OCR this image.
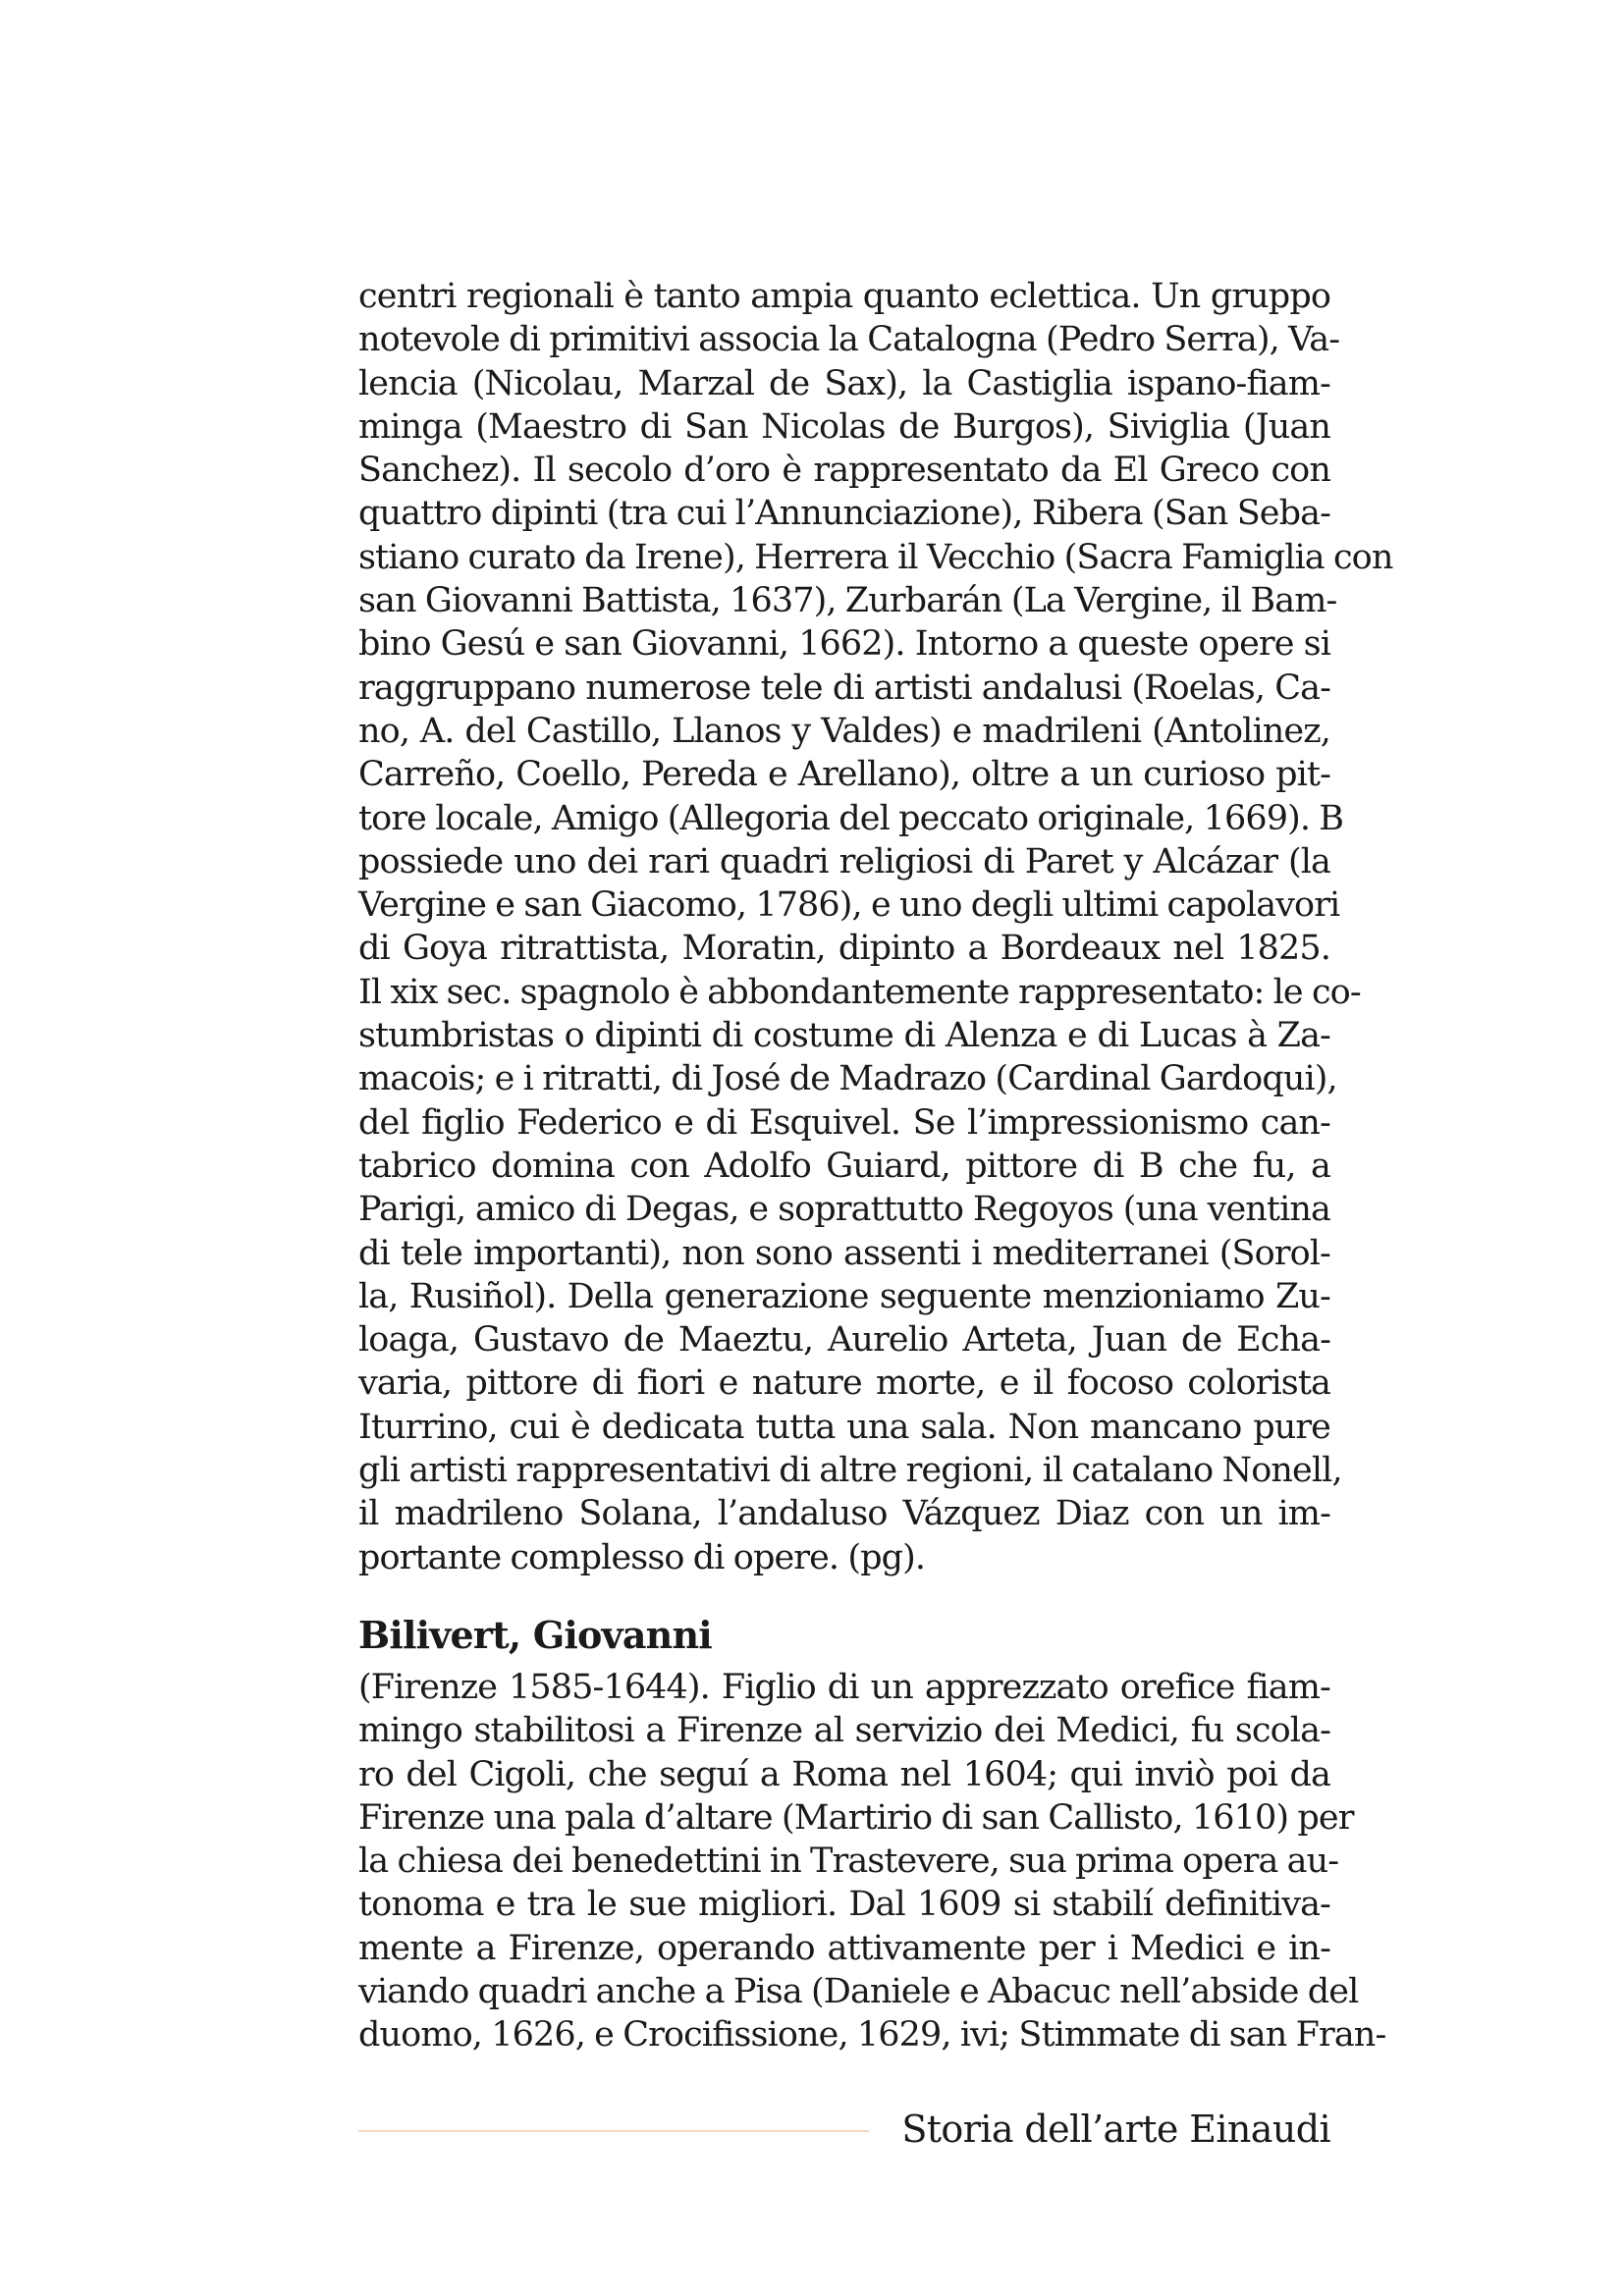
centri regionali è tanto ampia quanto eclettica. Un gruppo
notevole di primitivi associa la Catalogna (Pedro Serra), Va-
lencia (Nicolau, Marzal de Sax), la Castiglia ispano-fiam-
minga (Maestro di San Nicolas de Burgos), Siviglia (Juan
Sanchez). Il secolo d’oro è rappresentato da El Greco con
quattro dipinti (tra cui l’Annunciazione), Ribera (San Seba-
stiano curato da Irene), Herrera il Vecchio (Sacra Famiglia con
san Giovanni Battista, 1637), Zurbarán (La Vergine, il Bam-
bino Gesú e san Giovanni, 1662). Intorno a queste opere si
raggruppano numerose tele di artisti andalusi (Roelas, Ca-
no, A. del Castillo, Llanos y Valdes) e madrileni (Antolinez,
Carreño, Coello, Pereda e Arellano), oltre a un curioso pit-
tore locale, Amigo (Allegoria del peccato originale, 1669). B
possiede uno dei rari quadri religiosi di Paret y Alcázar (la
Vergine e san Giacomo, 1786), e uno degli ultimi capolavori
di Goya ritrattista, Moratin, dipinto a Bordeaux nel 1825.
Il xix sec. spagnolo è abbondantemente rappresentato: le co-
stumbristas o dipinti di costume di Alenza e di Lucas à Za-
macois; e i ritratti, di José de Madrazo (Cardinal Gardoqui),
del figlio Federico e di Esquivel. Se l’impressionismo can-
tabrico domina con Adolfo Guiard, pittore di B che fu, a
Parigi, amico di Degas, e soprattutto Regoyos (una ventina
di tele importanti), non sono assenti i mediterranei (Sorol-
la, Rusiñol). Della generazione seguente menzioniamo Zu-
loaga, Gustavo de Maeztu, Aurelio Arteta, Juan de Echa-
varia, pittore di fiori e nature morte, e il focoso colorista
Iturrino, cui è dedicata tutta una sala. Non mancano pure
gli artisti rappresentativi di altre regioni, il catalano Nonell,
il madrileno Solana, l’andaluso Vázquez Diaz con un im-
portante complesso di opere. (pg).
Bilivert, Giovanni
(Firenze 1585-1644). Figlio di un apprezzato orefice fiam-
mingo stabilitosi a Firenze al servizio dei Medici, fu scola-
ro del Cigoli, che seguí a Roma nel 1604; qui inviò poi da
Firenze una pala d’altare (Martirio di san Callisto, 1610) per
la chiesa dei benedettini in Trastevere, sua prima opera au-
tonoma e tra le sue migliori. Dal 1609 si stabilí definitiva-
mente a Firenze, operando attivamente per i Medici e in-
viando quadri anche a Pisa (Daniele e Abacuc nell’abside del
duomo, 1626, e Crocifissione, 1629, ivi; Stimmate di san Fran-
Storia dell’arte Einaudi
